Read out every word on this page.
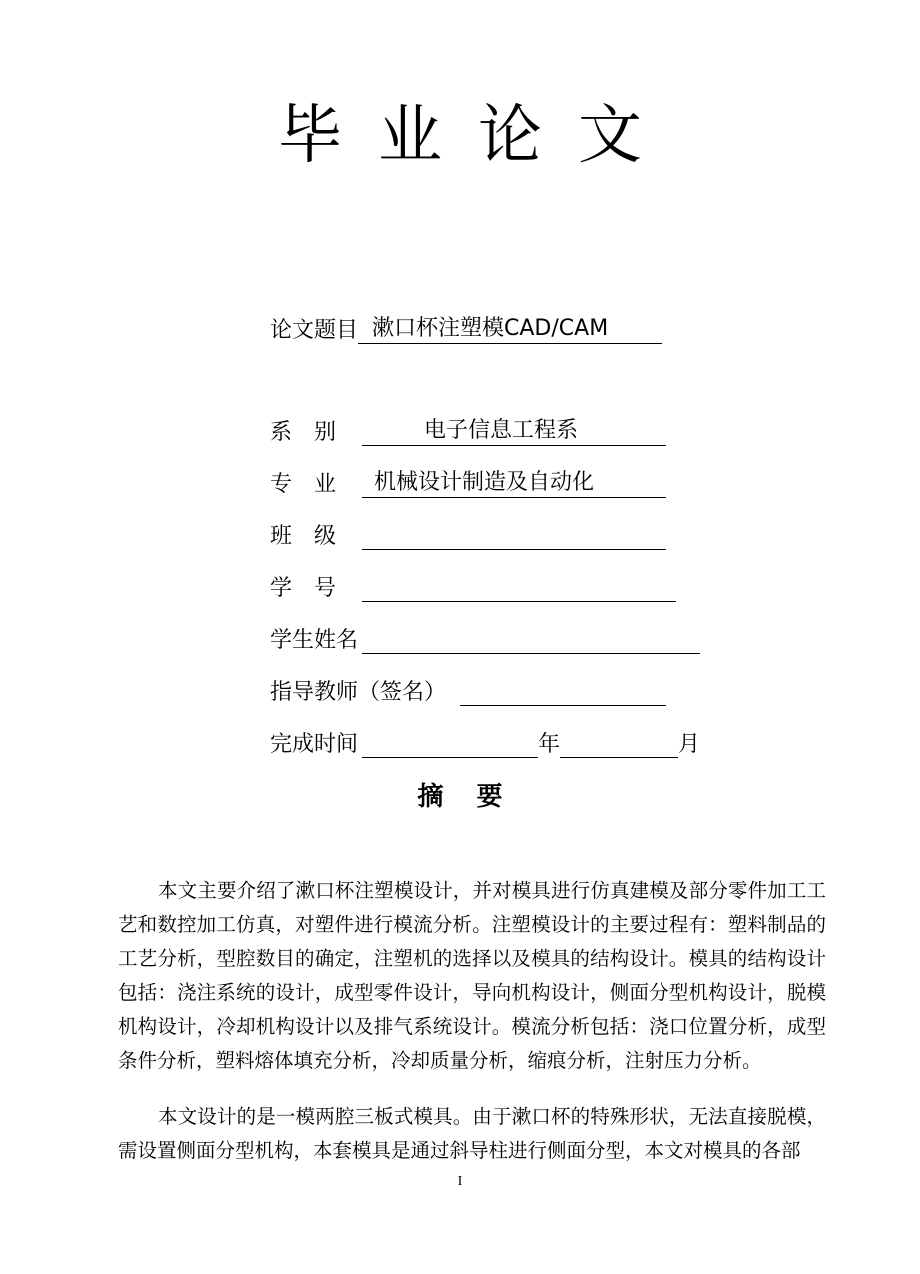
毕业论文
论文题目 漱口杯注塑模CAD/CAM
系　别	电子信息工程系
专　业 机械设计制造及自动化
班　级
学　号
学生姓名
指导教师（签名）
完成时间	年	月
摘 要
本文主要介绍了漱口杯注塑模设计，并对模具进行仿真建模及部分零件加工工艺和数控加工仿真，对塑件进行模流分析。注塑模设计的主要过程有：塑料制品的工艺分析，型腔数目的确定，注塑机的选择以及模具的结构设计。模具的结构设计包括：浇注系统的设计，成型零件设计，导向机构设计，侧面分型机构设计，脱模机构设计，冷却机构设计以及排气系统设计。模流分析包括：浇口位置分析，成型条件分析，塑料熔体填充分析，冷却质量分析，缩痕分析，注射压力分析。
本文设计的是一模两腔三板式模具。由于漱口杯的特殊形状，无法直接脱模，需设置侧面分型机构，本套模具是通过斜导柱进行侧面分型，本文对模具的各部
I
